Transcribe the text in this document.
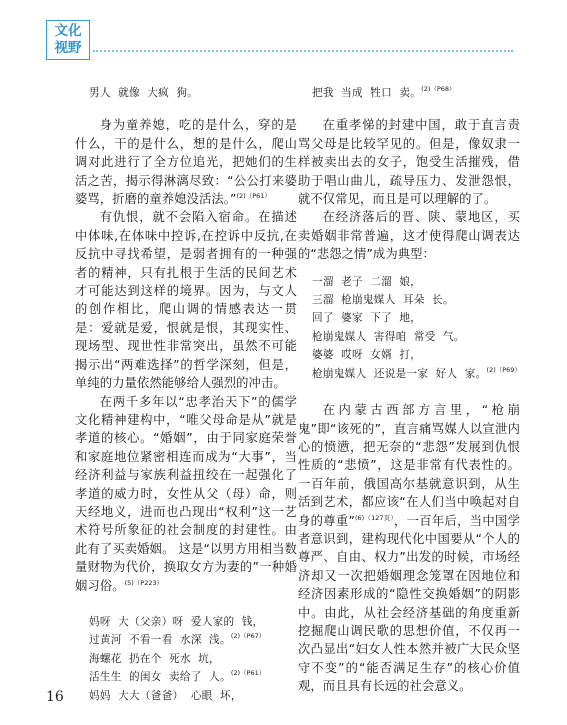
文化
视野
男人  就像  大疯  狗。

身为童养媳，吃的是什么，穿的是什么，干的是什么，想的是什么，爬山调对此进行了全方位追光，把她们的生活之苦，揭示得淋漓尽致：“公公打来婆婆骂，折磨的童养媳没活法。”$^{(2)(P61)}$

有仇恨，就不会陷入宿命。在描述中体味,在体味中控诉,在控诉中反抗,在反抗中寻找希望，是弱者拥有的一种强者的精神，只有扎根于生活的民间艺术才可能达到这样的境界。因为，与文人的创作相比，爬山调的情感表达一贯是：爱就是爱，恨就是恨，其现实性、现场型、现世性非常突出，虽然不可能揭示出“两难选择”的哲学深刻，但是，单纯的力量依然能够给人强烈的冲击。

在两千多年以“忠孝治天下”的儒学文化精神建构中，“唯父母命是从”就是孝道的核心。“婚姻”，由于同家庭荣誉和家庭地位紧密相连而成为“大事”，当经济利益与家族利益扭绞在一起强化了孝道的威力时，女性从父（母）命，则天经地义，进而也凸现出“权利”这一艺术符号所象征的社会制度的封建性。由此有了买卖婚姻。 这是“以男方用相当数量财物为代价，换取女方为妻的”一种婚姻习俗。$^{(5)(P223)}$

妈呀  大（父亲）呀  爱人家的  钱，
过黄河  不看一看  水深  浅。$^{(2)(P67)}$
海螺花  扔在个  死水  坑，
活生生  的闺女  卖给了  人。$^{(2)(P61)}$
妈妈  大大（爸爸）  心眼  坏，
把我  当成  牲口  卖。$^{(2)(P68)}$

在重孝悌的封建中国，敢于直言责骂父母是比较罕见的。但是，像奴隶一样被卖出去的女子，饱受生活摧残，借助于唱山曲儿，疏导压力、发泄怨恨，就不仅常见，而且是可以理解的了。

在经济落后的晋、陕、蒙地区，买卖婚姻非常普遍，这才使得爬山调表达的“悲怨之情”成为典型：

一溜  老子  二溜  娘，
三溜  枪崩鬼媒人  耳朵  长。
回了  婆家  下了  地，
枪崩鬼媒人  害得咱  常受  气。
婆婆  哎呀  女婿  打，
枪崩鬼媒人  还说是一家  好人  家。$^{(2)(P69)}$

在内蒙古西部方言里，“枪崩鬼”即“该死的”，直言痛骂媒人以宣泄内心的愤懑，把无奈的“悲怨”发展到仇恨性质的“悲愤”，这是非常有代表性的。一百年前，俄国高尔基就意识到，从生活到艺术，都应该“在人们当中唤起对自身的尊重”$^{(6)(127页)}$，一百年后，当中国学者意识到，建构现代化中国要从“个人的尊严、自由、权力”出发的时候，市场经济却又一次把婚姻理念笼罩在因地位和经济因素形成的“隐性交换婚姻”的阴影中。由此，从社会经济基础的角度重新挖掘爬山调民歌的思想价值，不仅再一次凸显出“妇女人性本然并被广大民众坚守不变”的“能否满足生存”的核心价值观，而且具有长远的社会意义。

16
